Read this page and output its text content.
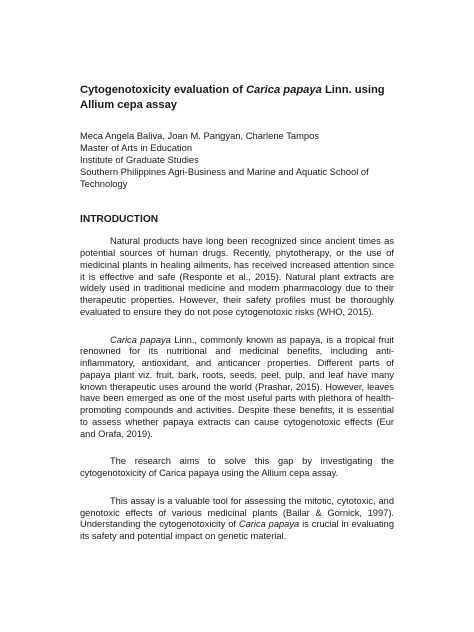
Cytogenotoxicity evaluation of Carica papaya Linn. using Allium cepa assay
Meca Angela Baliva, Joan M. Pangyan, Charlene Tampos
Master of Arts in Education
Institute of Graduate Studies
Southern Philippines Agri-Business and Marine and Aquatic School of Technology
INTRODUCTION

Natural products have long been recognized since ancient times as potential sources of human drugs. Recently, phytotherapy, or the use of medicinal plants in healing ailments, has received increased attention since it is effective and safe (Responte et al., 2015). Natural plant extracts are widely used in traditional medicine and modern pharmacology due to their therapeutic properties. However, their safety profiles must be thoroughly evaluated to ensure they do not pose cytogenotoxic risks (WHO, 2015).

Carica papaya Linn., commonly known as papaya, is a tropical fruit renowned for its nutritional and medicinal benefits, including anti-inflammatory, antioxidant, and anticancer properties. Different parts of papaya plant viz. fruit, bark, roots, seeds, peel, pulp, and leaf have many known therapeutic uses around the world (Prashar, 2015). However, leaves have been emerged as one of the most useful parts with plethora of health-promoting compounds and activities. Despite these benefits, it is essential to assess whether papaya extracts can cause cytogenotoxic effects (Eur and Orafa, 2019).

The research aims to solve this gap by investigating the cytogenotoxicity of Carica papaya using the Allium cepa assay.

This assay is a valuable tool for assessing the mitotic, cytotoxic, and genotoxic effects of various medicinal plants (Bailar & Gornick, 1997). Understanding the cytogenotoxicity of Carica papaya is crucial in evaluating its safety and potential impact on genetic material.
